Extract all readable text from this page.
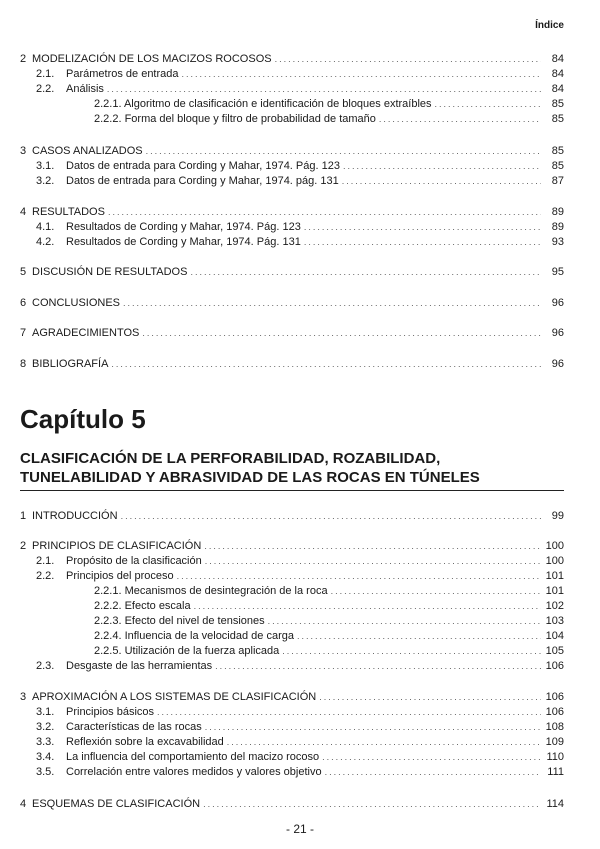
Índice
2 MODELIZACIÓN DE LOS MACIZOS ROCOSOS .....	84
2.1.	Parámetros de entrada .....	84
2.2.	Análisis .....	84
2.2.1. Algoritmo de clasificación e identificación de bloques extraíbles .....	85
2.2.2. Forma del bloque y filtro de probabilidad de tamaño .....	85
3 CASOS ANALIZADOS .....	85
3.1.	Datos de entrada para Cording y Mahar, 1974. Pág. 123 .....	85
3.2.	Datos de entrada para Cording y Mahar, 1974. pág. 131 .....	87
4 RESULTADOS .....	89
4.1.	Resultados de Cording y Mahar, 1974. Pág. 123 .....	89
4.2.	Resultados de Cording y Mahar, 1974. Pág. 131 .....	93
5 DISCUSIÓN DE RESULTADOS .....	95
6 CONCLUSIONES .....	96
7 AGRADECIMIENTOS .....	96
8 BIBLIOGRAFÍA .....	96
Capítulo 5
CLASIFICACIÓN DE LA PERFORABILIDAD, ROZABILIDAD, TUNELABILIDAD Y ABRASIVIDAD DE LAS ROCAS EN TÚNELES
1 INTRODUCCIÓN .....	99
2 PRINCIPIOS DE CLASIFICACIÓN .....	100
2.1.	Propósito de la clasificación .....	100
2.2.	Principios del proceso .....	101
2.2.1. Mecanismos de desintegración de la roca .....	101
2.2.2. Efecto escala .....	102
2.2.3. Efecto del nivel de tensiones .....	103
2.2.4. Influencia de la velocidad de carga .....	104
2.2.5. Utilización de la fuerza aplicada .....	105
2.3.	Desgaste de las herramientas .....	106
3 APROXIMACIÓN A LOS SISTEMAS DE CLASIFICACIÓN .....	106
3.1.	Principios básicos .....	106
3.2.	Características de las rocas .....	108
3.3.	Reflexión sobre la excavabilidad .....	109
3.4.	La influencia del comportamiento del macizo rocoso .....	110
3.5.	Correlación entre valores medidos y valores objetivo .....	111
4 ESQUEMAS DE CLASIFICACIÓN .....	114
- 21 -
